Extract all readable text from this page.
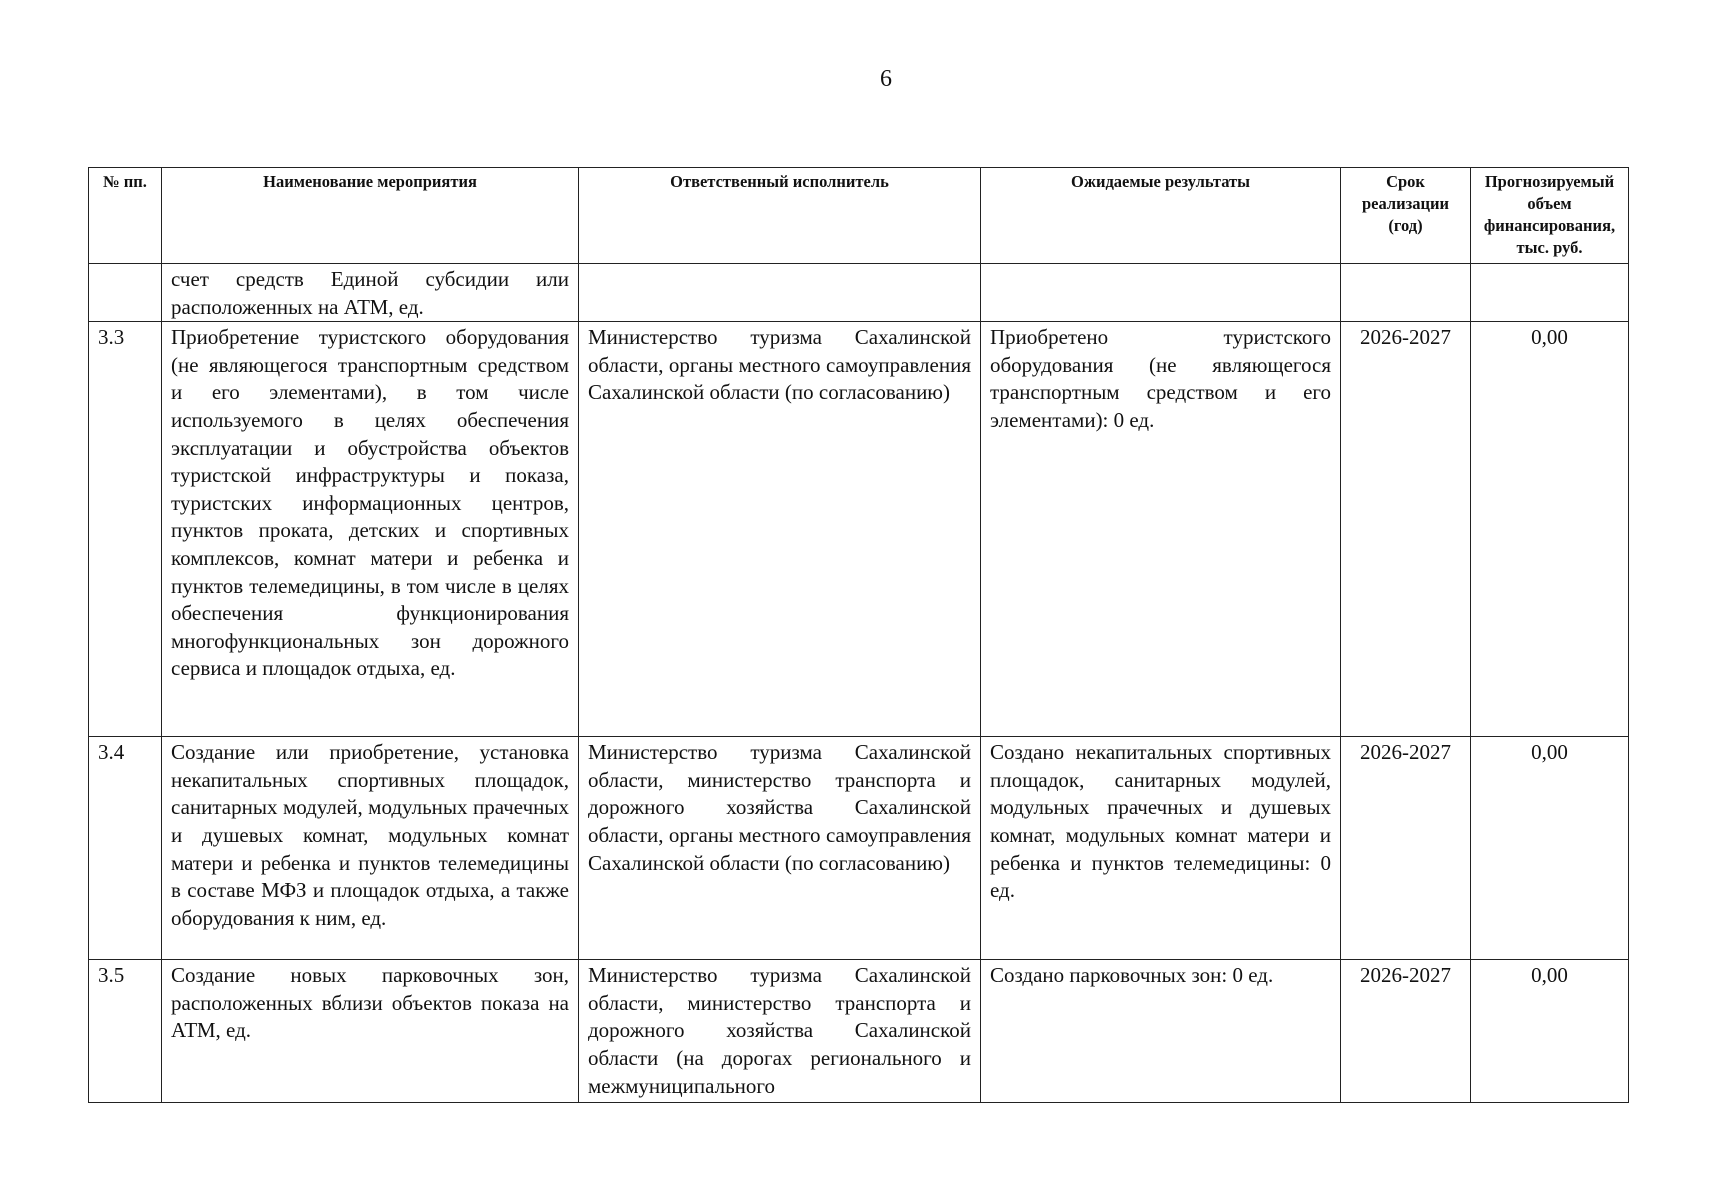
6
№ пп.	Наименование мероприятия	Ответственный исполнитель	Ожидаемые результаты	Срок реализации (год)	Прогнозируемый объем финансирования, тыс. руб.
	счет средств Единой субсидии или расположенных на АТМ, ед.				
3.3	Приобретение туристского оборудования (не являющегося транспортным средством и его элементами), в том числе используемого в целях обеспечения эксплуатации и обустройства объектов туристской инфраструктуры и показа, туристских информационных центров, пунктов проката, детских и спортивных комплексов, комнат матери и ребенка и пунктов телемедицины, в том числе в целях обеспечения функционирования многофункциональных зон дорожного сервиса и площадок отдыха, ед.	Министерство туризма Сахалинской области, органы местного самоуправления Сахалинской области (по согласованию)	Приобретено туристского оборудования (не являющегося транспортным средством и его элементами): 0 ед.	2026-2027	0,00
3.4	Создание или приобретение, установка некапитальных спортивных площадок, санитарных модулей, модульных прачечных и душевых комнат, модульных комнат матери и ребенка и пунктов телемедицины в составе МФЗ и площадок отдыха, а также оборудования к ним, ед.	Министерство туризма Сахалинской области, министерство транспорта и дорожного хозяйства Сахалинской области, органы местного самоуправления Сахалинской области (по согласованию)	Создано некапитальных спортивных площадок, санитарных модулей, модульных прачечных и душевых комнат, модульных комнат матери и ребенка и пунктов телемедицины: 0 ед.	2026-2027	0,00
3.5	Создание новых парковочных зон, расположенных вблизи объектов показа на АТМ, ед.	Министерство туризма Сахалинской области, министерство транспорта и дорожного хозяйства Сахалинской области (на дорогах регионального и межмуниципального	Создано парковочных зон: 0 ед.	2026-2027	0,00
